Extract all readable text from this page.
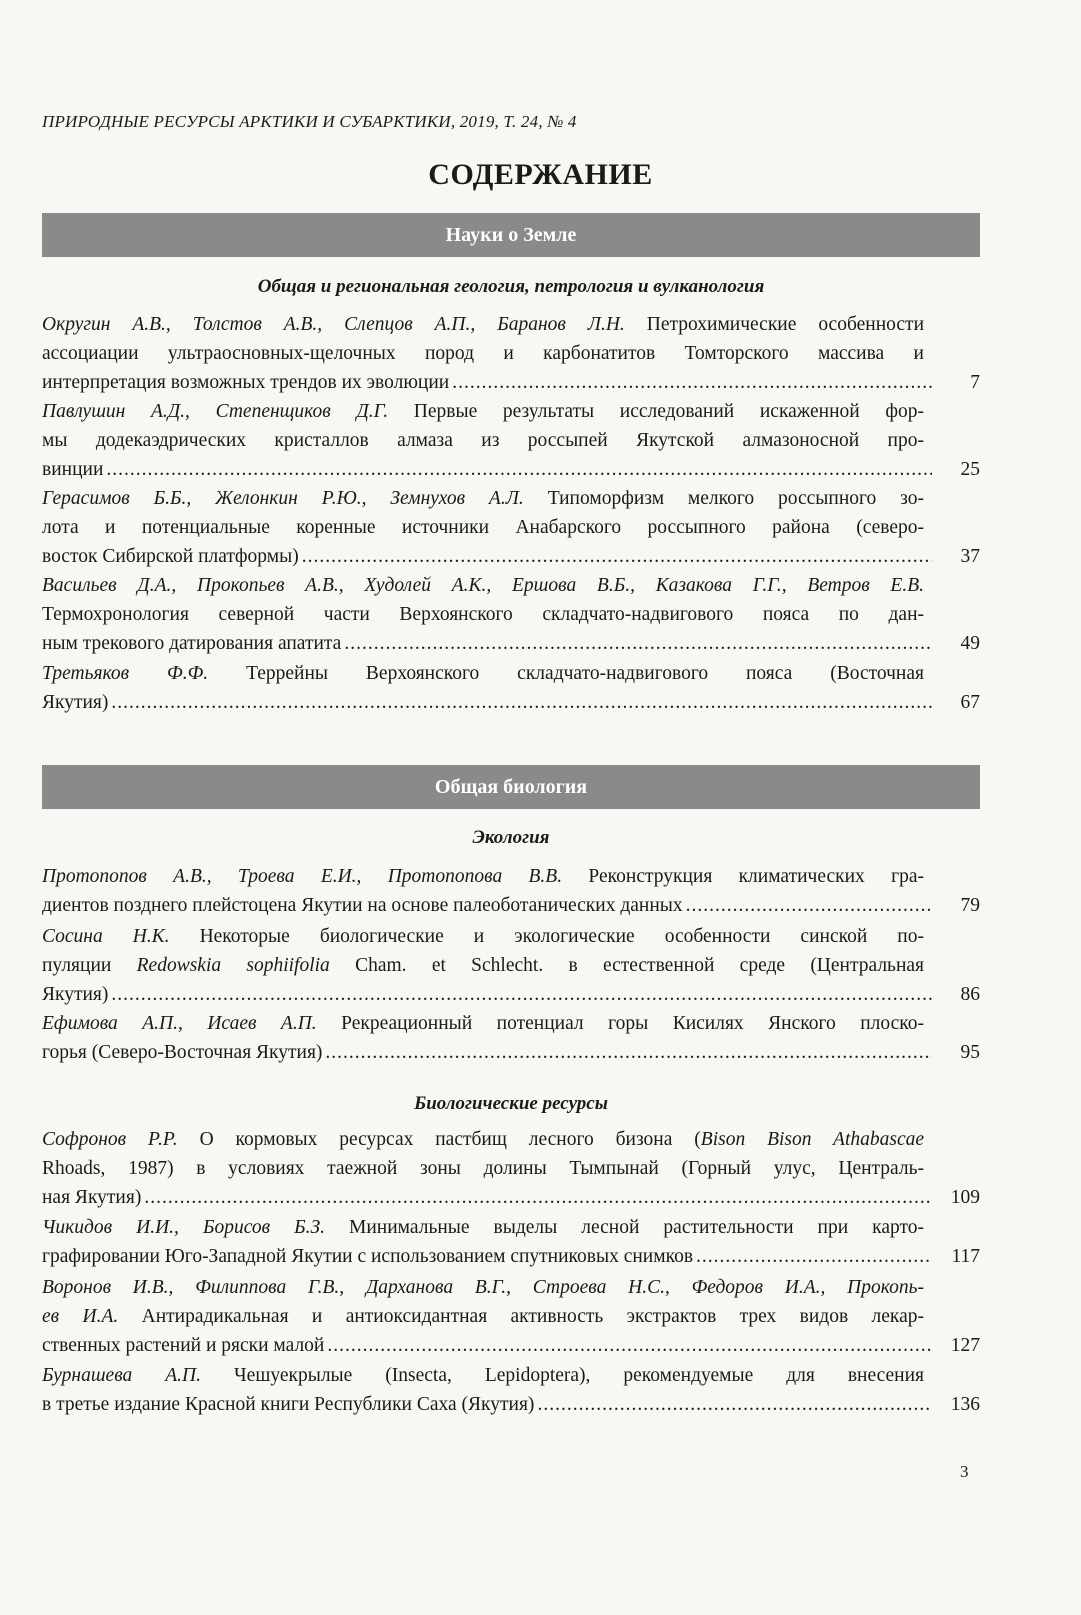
ПРИРОДНЫЕ РЕСУРСЫ АРКТИКИ И СУБАРКТИКИ, 2019, Т. 24, № 4
СОДЕРЖАНИЕ
Науки о Земле
Общая и региональная геология, петрология и вулканология
Округин А.В., Толстов А.В., Слепцов А.П., Баранов Л.Н. Петрохимические особенности
ассоциации ультраосновных-щелочных пород и карбонатитов Томторского массива и
интерпретация возможных трендов их эволюции .....	7
Павлушин А.Д., Степенщиков Д.Г. Первые результаты исследований искаженной фор-
мы додекаэдрических кристаллов алмаза из россыпей Якутской алмазоносной про-
винции .....	25
Герасимов Б.Б., Желонкин Р.Ю., Земнухов А.Л. Типоморфизм мелкого россыпного зо-
лота и потенциальные коренные источники Анабарского россыпного района (северо-
восток Сибирской платформы) .....	37
Васильев Д.А., Прокопьев А.В., Худолей А.К., Ершова В.Б., Казакова Г.Г., Ветров Е.В.
Термохронология северной части Верхоянского складчато-надвигового пояса по дан-
ным трекового датирования апатита .....	49
Третьяков Ф.Ф. Террейны Верхоянского складчато-надвигового пояса (Восточная
Якутия) .....	67
Общая биология
Экология
Протопопов А.В., Троева Е.И., Протопопова В.В. Реконструкция климатических гра-
диентов позднего плейстоцена Якутии на основе палеоботанических данных .....	79
Сосина Н.К. Некоторые биологические и экологические особенности синской по-
пуляции Redowskia sophiifolia Cham. et Schlecht. в естественной среде (Центральная
Якутия) .....	86
Ефимова А.П., Исаев А.П. Рекреационный потенциал горы Кисилях Янского плоско-
горья (Северо-Восточная Якутия) .....	95
Биологические ресурсы
Софронов Р.Р. О кормовых ресурсах пастбищ лесного бизона (Bison Bison Athabascae
Rhoads, 1987) в условиях таежной зоны долины Тымпынай (Горный улус, Централь-
ная Якутия) .....	109
Чикидов И.И., Борисов Б.З. Минимальные выделы лесной растительности при карто-
графировании Юго-Западной Якутии с использованием спутниковых снимков .....	117
Воронов И.В., Филиппова Г.В., Дарханова В.Г., Строева Н.С., Федоров И.А., Прокопь-
ев И.А. Антирадикальная и антиоксидантная активность экстрактов трех видов лекар-
ственных растений и ряски малой .....	127
Бурнашева А.П. Чешуекрылые (Insecta, Lepidoptera), рекомендуемые для внесения
в третье издание Красной книги Республики Саха (Якутия) .....	136
3
